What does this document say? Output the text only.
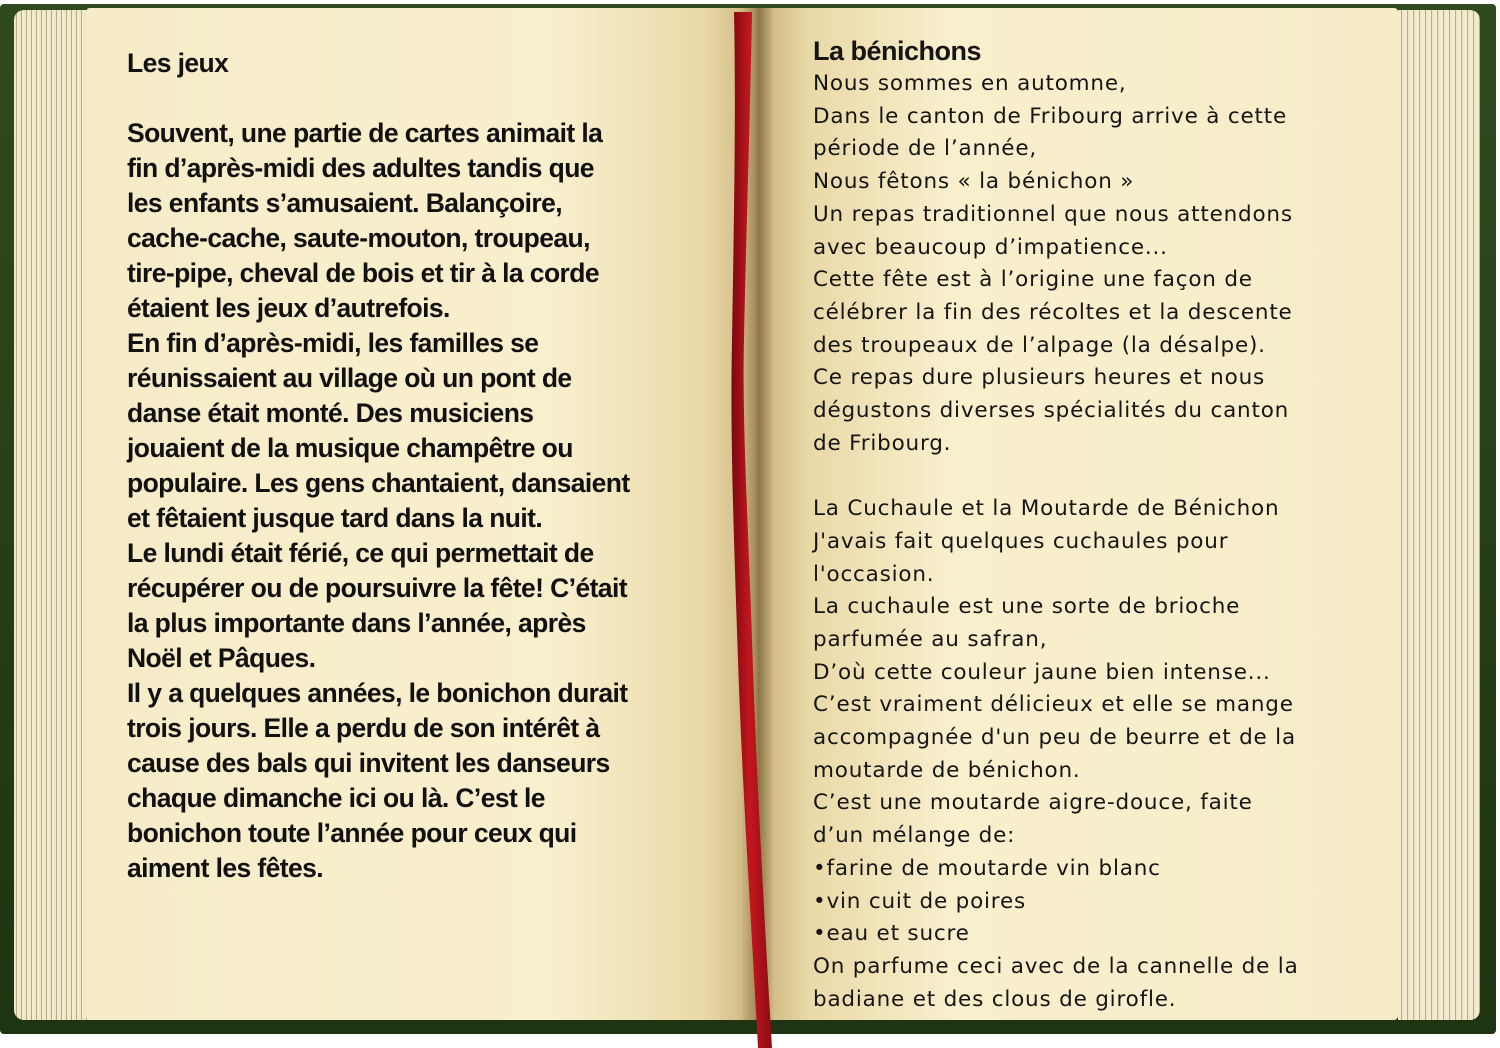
Les jeux

Souvent, une partie de cartes animait la

fin d’après-midi des adultes tandis que

les enfants s’amusaient. Balançoire,

cache-cache, saute-mouton, troupeau,

tire-pipe, cheval de bois et tir à la corde

étaient les jeux d’autrefois.

En fin d’après-midi, les familles se

réunissaient au village où un pont de

danse était monté. Des musiciens

jouaient de la musique champêtre ou

populaire. Les gens chantaient, dansaient

et fêtaient jusque tard dans la nuit.

Le lundi était férié, ce qui permettait de

récupérer ou de poursuivre la fête! C’était

la plus importante dans l’année, après

Noël et Pâques.

Il y a quelques années, le bonichon durait

trois jours. Elle a perdu de son intérêt à

cause des bals qui invitent les danseurs

chaque dimanche ici ou là. C’est le

bonichon toute l’année pour ceux qui

aiment les fêtes.

La bénichons

Nous sommes en automne,

Dans le canton de Fribourg arrive à cette

période de l’année,

Nous fêtons « la bénichon »

Un repas traditionnel que nous attendons

avec beaucoup d’impatience...

Cette fête est à l’origine une façon de

célébrer la fin des récoltes et la descente

des troupeaux de l’alpage (la désalpe).

Ce repas dure plusieurs heures et nous

dégustons diverses spécialités du canton

de Fribourg.

La Cuchaule et la Moutarde de Bénichon

J'avais fait quelques cuchaules pour

l'occasion.

La cuchaule est une sorte de brioche

parfumée au safran,

D’où cette couleur jaune bien intense...

C’est vraiment délicieux et elle se mange

accompagnée d'un peu de beurre et de la

moutarde de bénichon.

C’est une moutarde aigre-douce, faite

d’un mélange de:

•farine de moutarde vin blanc

•vin cuit de poires

•eau et sucre

On parfume ceci avec de la cannelle de la

badiane et des clous de girofle.
